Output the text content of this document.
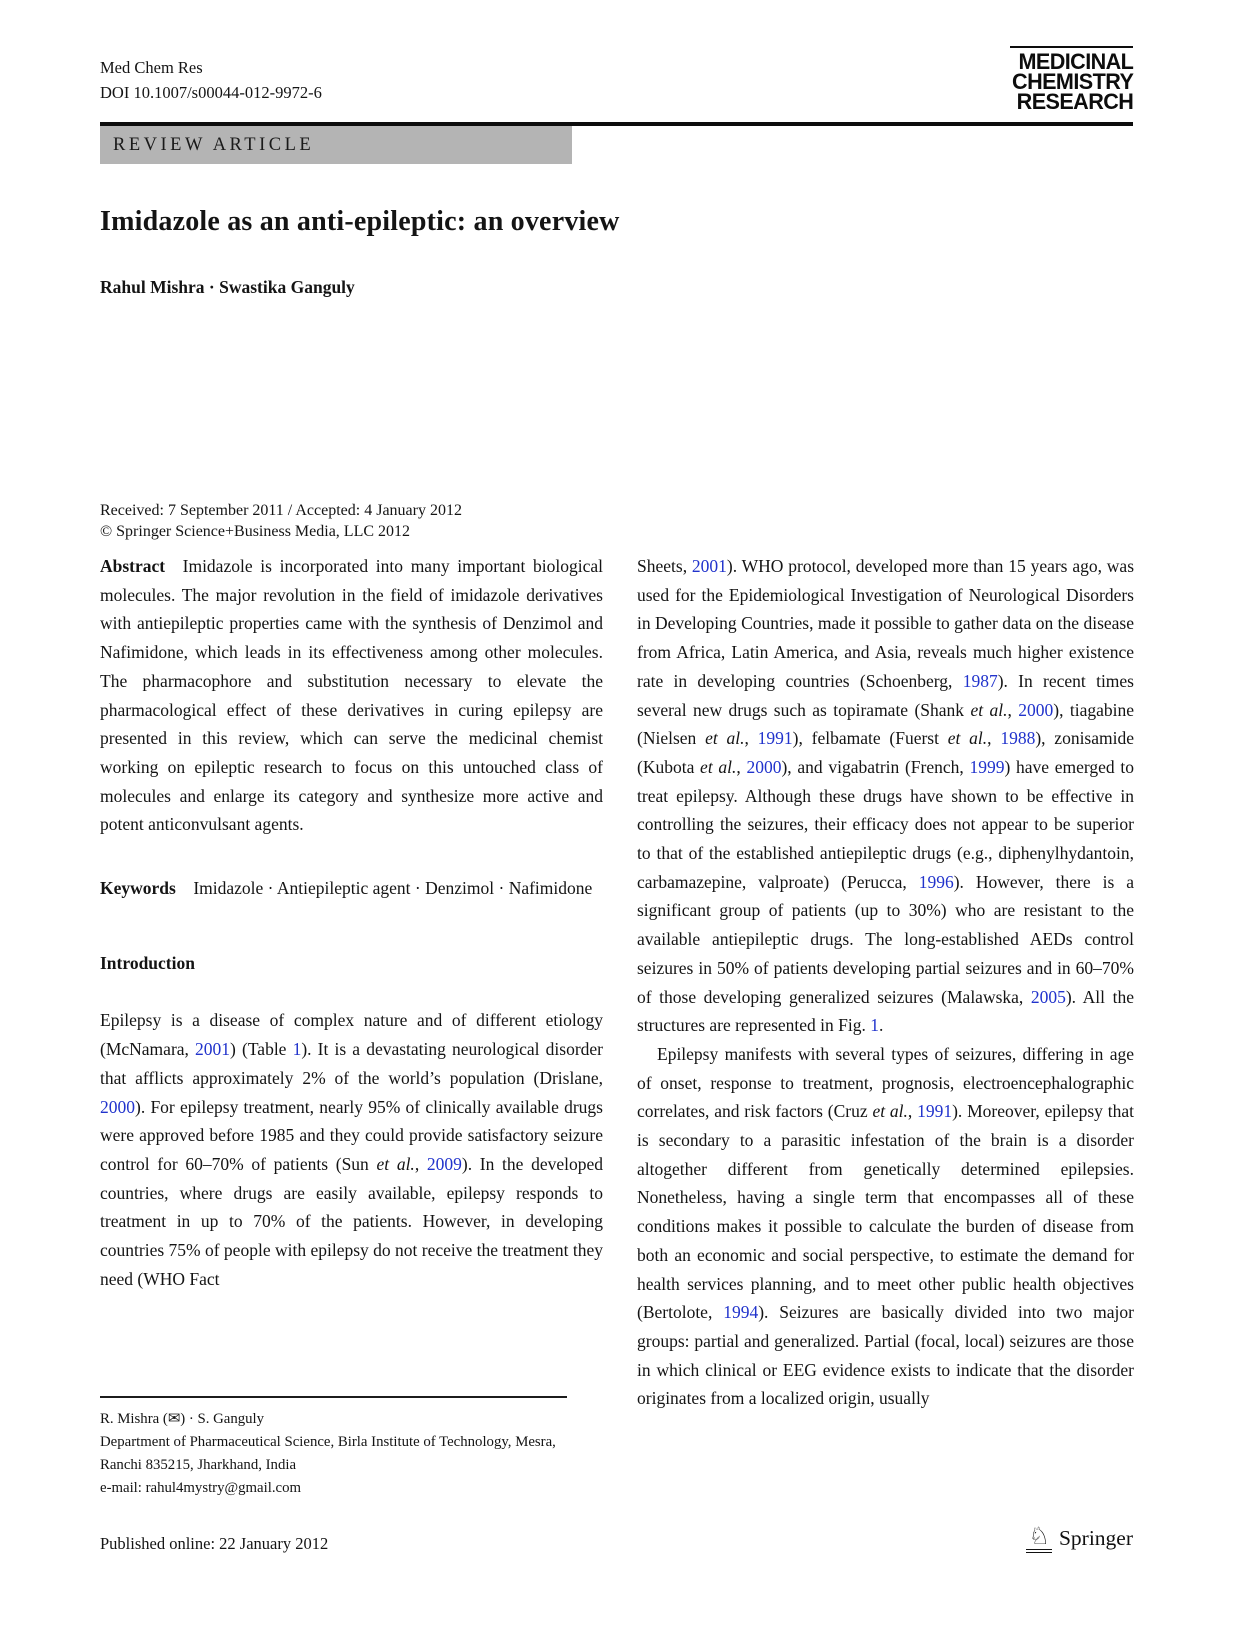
Med Chem Res
DOI 10.1007/s00044-012-9972-6
MEDICINAL
CHEMISTRY
RESEARCH
REVIEW ARTICLE
Imidazole as an anti-epileptic: an overview
Rahul Mishra · Swastika Ganguly
Received: 7 September 2011 / Accepted: 4 January 2012
© Springer Science+Business Media, LLC 2012

Abstract Imidazole is incorporated into many important biological molecules. The major revolution in the field of imidazole derivatives with antiepileptic properties came with the synthesis of Denzimol and Nafimidone, which leads in its effectiveness among other molecules. The pharmacophore and substitution necessary to elevate the pharmacological effect of these derivatives in curing epilepsy are presented in this review, which can serve the medicinal chemist working on epileptic research to focus on this untouched class of molecules and enlarge its category and synthesize more active and potent anticonvulsant agents.

Keywords Imidazole · Antiepileptic agent · Denzimol · Nafimidone

Introduction

Epilepsy is a disease of complex nature and of different etiology (McNamara, 2001) (Table 1). It is a devastating neurological disorder that afflicts approximately 2% of the world’s population (Drislane, 2000). For epilepsy treatment, nearly 95% of clinically available drugs were approved before 1985 and they could provide satisfactory seizure control for 60–70% of patients (Sun et al., 2009). In the developed countries, where drugs are easily available, epilepsy responds to treatment in up to 70% of the patients. However, in developing countries 75% of people with epilepsy do not receive the treatment they need (WHO Fact

Sheets, 2001). WHO protocol, developed more than 15 years ago, was used for the Epidemiological Investigation of Neurological Disorders in Developing Countries, made it possible to gather data on the disease from Africa, Latin America, and Asia, reveals much higher existence rate in developing countries (Schoenberg, 1987). In recent times several new drugs such as topiramate (Shank et al., 2000), tiagabine (Nielsen et al., 1991), felbamate (Fuerst et al., 1988), zonisamide (Kubota et al., 2000), and vigabatrin (French, 1999) have emerged to treat epilepsy. Although these drugs have shown to be effective in controlling the seizures, their efficacy does not appear to be superior to that of the established antiepileptic drugs (e.g., diphenylhydantoin, carbamazepine, valproate) (Perucca, 1996). However, there is a significant group of patients (up to 30%) who are resistant to the available antiepileptic drugs. The long-established AEDs control seizures in 50% of patients developing partial seizures and in 60–70% of those developing generalized seizures (Malawska, 2005). All the structures are represented in Fig. 1.

Epilepsy manifests with several types of seizures, differing in age of onset, response to treatment, prognosis, electroencephalographic correlates, and risk factors (Cruz et al., 1991). Moreover, epilepsy that is secondary to a parasitic infestation of the brain is a disorder altogether different from genetically determined epilepsies. Nonetheless, having a single term that encompasses all of these conditions makes it possible to calculate the burden of disease from both an economic and social perspective, to estimate the demand for health services planning, and to meet other public health objectives (Bertolote, 1994). Seizures are basically divided into two major groups: partial and generalized. Partial (focal, local) seizures are those in which clinical or EEG evidence exists to indicate that the disorder originates from a localized origin, usually

R. Mishra (✉) · S. Ganguly
Department of Pharmaceutical Science, Birla Institute of Technology, Mesra, Ranchi 835215, Jharkhand, India
e-mail: rahul4mystry@gmail.com
Published online: 22 January 2012	♘ Springer
